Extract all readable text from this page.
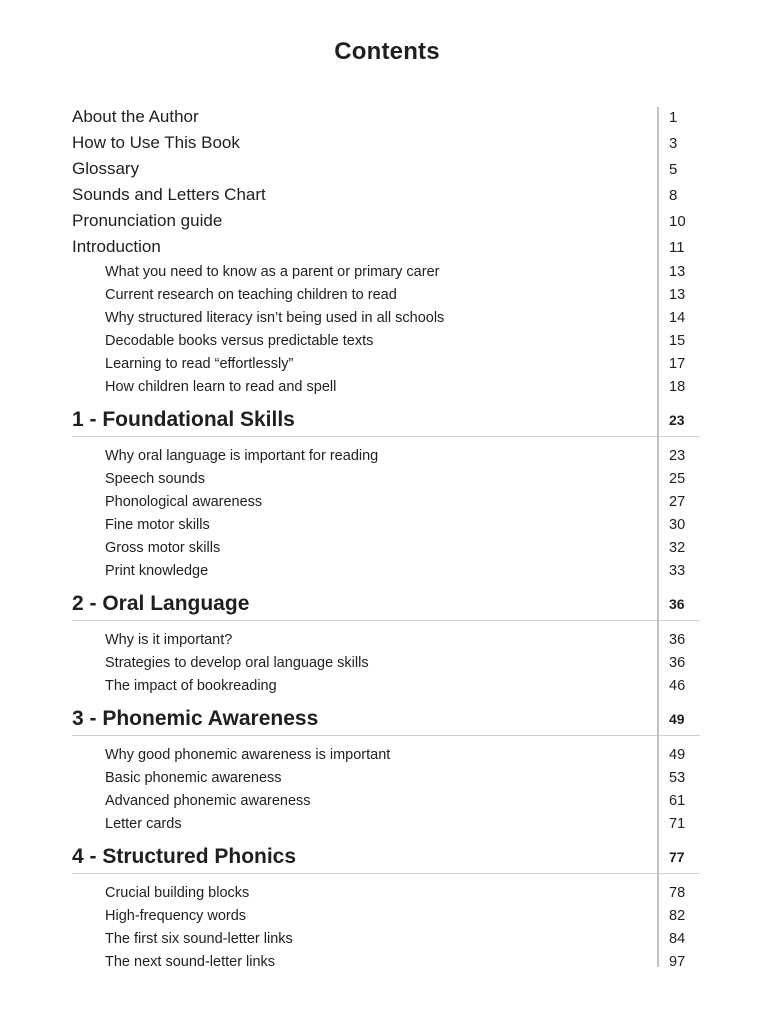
Contents
About the Author	1
How to Use This Book	3
Glossary	5
Sounds and Letters Chart	8
Pronunciation guide	10
Introduction	11
What you need to know as a parent or primary carer	13
Current research on teaching children to read	13
Why structured literacy isn’t being used in all schools	14
Decodable books versus predictable texts	15
Learning to read “effortlessly”	17
How children learn to read and spell	18
1 - Foundational Skills	23
Why oral language is important for reading	23
Speech sounds	25
Phonological awareness	27
Fine motor skills	30
Gross motor skills	32
Print knowledge	33
2 - Oral Language	36
Why is it important?	36
Strategies to develop oral language skills	36
The impact of bookreading	46
3 - Phonemic Awareness	49
Why good phonemic awareness is important	49
Basic phonemic awareness	53
Advanced phonemic awareness	61
Letter cards	71
4 - Structured Phonics	77
Crucial building blocks	78
High-frequency words	82
The first six sound-letter links	84
The next sound-letter links	97
